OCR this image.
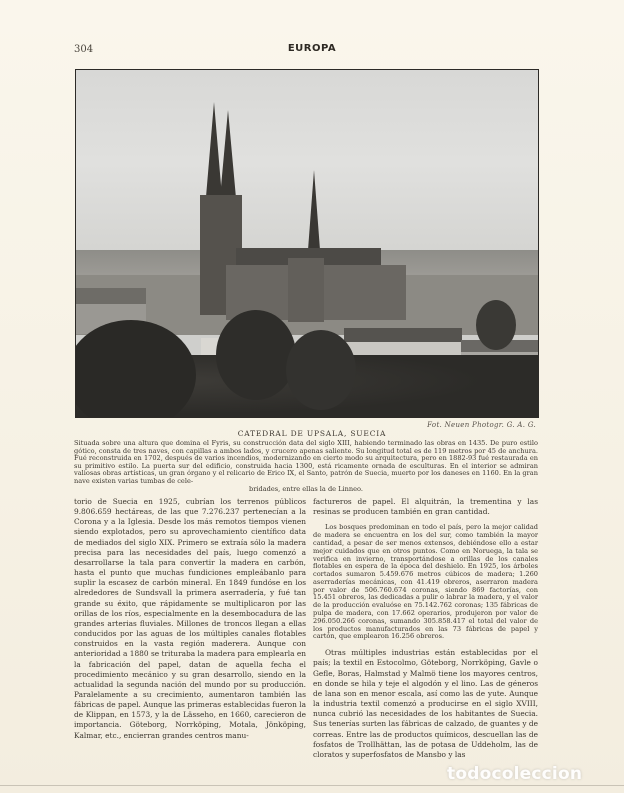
304	EUROPA
Fot. Neuen Photogr. G. A. G.
CATEDRAL DE UPSALA, SUECIA
Situada sobre una altura que domina el Fyris, su construcción data del siglo XIII, habiendo terminado las obras en 1435. De puro estilo gótico, consta de tres naves, con capillas a ambos lados, y crucero apenas saliente. Su longitud total es de 119 metros por 45 de anchura. Fué reconstruida en 1702, después de varios incendios, modernizando en cierto modo su arquitectura, pero en 1882-93 fué restaurada en su primitivo estilo. La puerta sur del edificio, construida hacia 1300, está ricamente ornada de esculturas. En el interior se admiran valiosas obras artísticas, un gran órgano y el relicario de Erico IX, el Santo, patrón de Suecia, muerto por los daneses en 1160. En la gran nave existen varias tumbas de cele-
bridades, entre ellas la de Linneo.

torio de Suecia en 1925, cubrían los terrenos públicos 9.806.659 hectáreas, de las que 7.276.237 pertenecían a la Corona y a la Iglesia. Desde los más remotos tiempos vienen siendo explotados, pero su aprovechamiento científico data de mediados del siglo XIX. Primero se extraía sólo la madera precisa para las necesidades del país, luego comenzó a desarrollarse la tala para convertir la madera en carbón, hasta el punto que muchas fundiciones empleábanlo para suplir la escasez de carbón mineral. En 1849 fundóse en los alrededores de Sundsvall la primera aserradería, y fué tan grande su éxito, que rápidamente se multiplicaron por las orillas de los ríos, especialmente en la desembocadura de las grandes arterias fluviales. Millones de troncos llegan a ellas conducidos por las aguas de los múltiples canales flotables construidos en la vasta región maderera. Aunque con anterioridad a 1880 se trituraba la madera para emplearla en la fabricación del papel, datan de aquella fecha el procedimiento mecánico y su gran desarrollo, siendo en la actualidad la segunda nación del mundo por su producción. Paralelamente a su crecimiento, aumentaron también las fábricas de papel. Aunque las primeras establecidas fueron la de Klippan, en 1573, y la de Lässeho, en 1660, carecieron de importancia. Göteborg, Norrköping, Motala, Jönköping, Kalmar, etc., encierran grandes centros manu-

factureros de papel. El alquitrán, la trementina y las resinas se producen también en gran cantidad.

Los bosques predominan en todo el país, pero la mejor calidad de madera se encuentra en los del sur, como también la mayor cantidad, a pesar de ser menos extensos, debiéndose ello a estar mejor cuidados que en otros puntos. Como en Noruega, la tala se verifica en invierno, transportándose a orillas de los canales flotables en espera de la época del deshielo. En 1925, los árboles cortados sumaron 5.459.676 metros cúbicos de madera; 1.260 aserraderías mecánicas, con 41.419 obreros, aserraron madera por valor de 506.760.674 coronas, siendo 869 factorías, con 15.451 obreros, las dedicadas a pulir o labrar la madera, y el valor de la producción evaluóse en 75.142.762 coronas; 135 fábricas de pulpa de madera, con 17.662 operarios, produjeron por valor de 296.050.266 coronas, sumando 305.858.417 el total del valor de los productos manufacturados en las 73 fábricas de papel y cartón, que emplearon 16.256 obreros.

Otras múltiples industrias están establecidas por el país; la textil en Estocolmo, Göteborg, Norrköping, Gavle o Gefle, Boras, Halmstad y Malmö tiene los mayores centros, en donde se hila y teje el algodón y el lino. Las de géneros de lana son en menor escala, así como las de yute. Aunque la industria textil comenzó a producirse en el siglo XVIII, nunca cubrió las necesidades de los habitantes de Suecia. Sus tenerías surten las fábricas de calzado, de guantes y de correas. Entre las de productos químicos, descuellan las de fosfatos de Trollhättan, las de potasa de Uddeholm, las de cloratos y superfosfatos de Mansbo y las

todocoleccion
